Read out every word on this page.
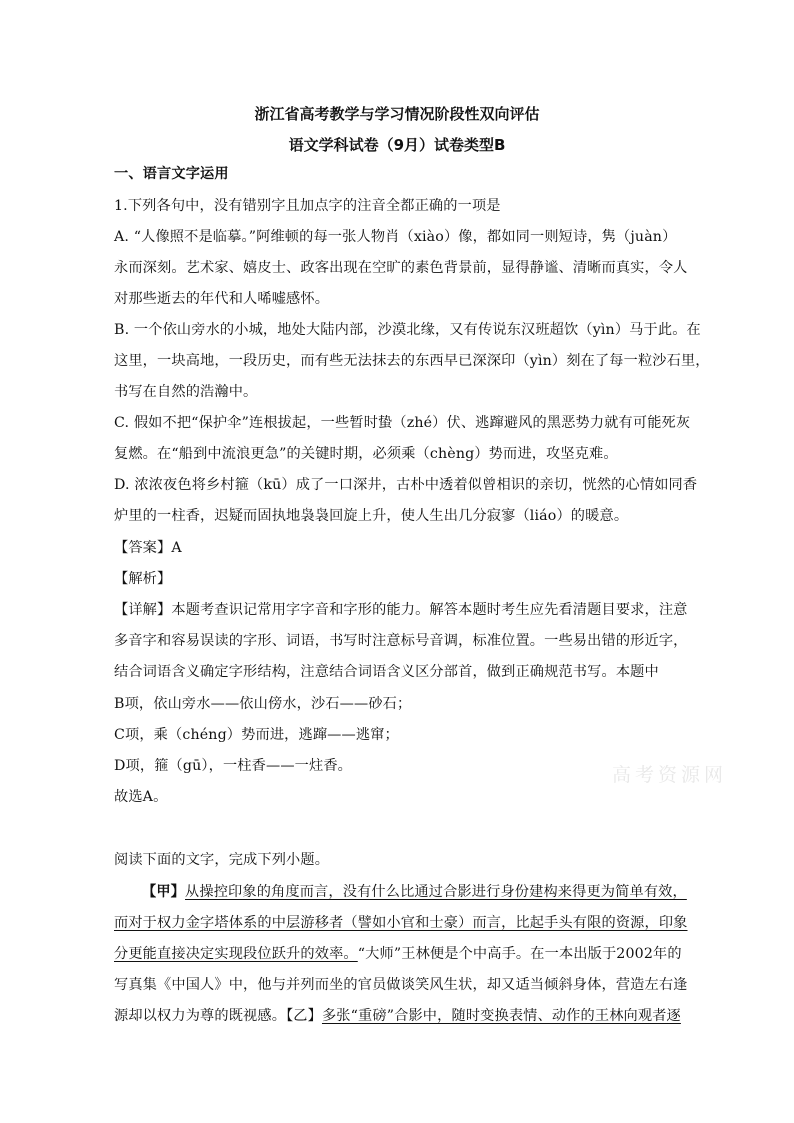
浙江省高考教学与学习情况阶段性双向评估
语文学科试卷（9月）试卷类型B
一、语言文字运用
1.下列各句中，没有错别字且加点字的注音全都正确的一项是
A. “人像照不是临摹。”阿维顿的每一张人物肖（xiào）像，都如同一则短诗，隽（juàn）
永而深刻。艺术家、嬉皮士、政客出现在空旷的素色背景前，显得静谧、清晰而真实，令人
对那些逝去的年代和人唏嘘感怀。
B. 一个依山旁水的小城，地处大陆内部，沙漠北缘，又有传说东汉班超饮（yìn）马于此。在
这里，一块高地，一段历史，而有些无法抹去的东西早已深深印（yìn）刻在了每一粒沙石里，
书写在自然的浩瀚中。
C. 假如不把“保护伞”连根拔起，一些暂时蛰（zhé）伏、逃蹿避风的黑恶势力就有可能死灰
复燃。在“船到中流浪更急”的关键时期，必须乘（chèng）势而进，攻坚克难。
D. 浓浓夜色将乡村箍（kū）成了一口深井，古朴中透着似曾相识的亲切，恍然的心情如同香
炉里的一柱香，迟疑而固执地袅袅回旋上升，使人生出几分寂寥（liáo）的暖意。
【答案】A
【解析】
【详解】本题考查识记常用字字音和字形的能力。解答本题时考生应先看清题目要求，注意
多音字和容易误读的字形、词语，书写时注意标号音调，标准位置。一些易出错的形近字，
结合词语含义确定字形结构，注意结合词语含义区分部首，做到正确规范书写。本题中
B项，依山旁水——依山傍水，沙石——砂石；
C项，乘（chéng）势而进，逃蹿——逃窜；
D项，箍（gū），一柱香——一炷香。
故选A。
阅读下面的文字，完成下列小题。
【甲】从操控印象的角度而言，没有什么比通过合影进行身份建构来得更为简单有效，
而对于权力金字塔体系的中层游移者（譬如小官和士豪）而言，比起手头有限的资源，印象
分更能直接决定实现段位跃升的效率。“大师”王林便是个中高手。在一本出版于2002年的
写真集《中国人》中，他与并列而坐的官员做谈笑风生状，却又适当倾斜身体，营造左右逢
源却以权力为尊的既视感。【乙】多张“重磅”合影中，随时变换表情、动作的王林向观者逐
高考资源网
